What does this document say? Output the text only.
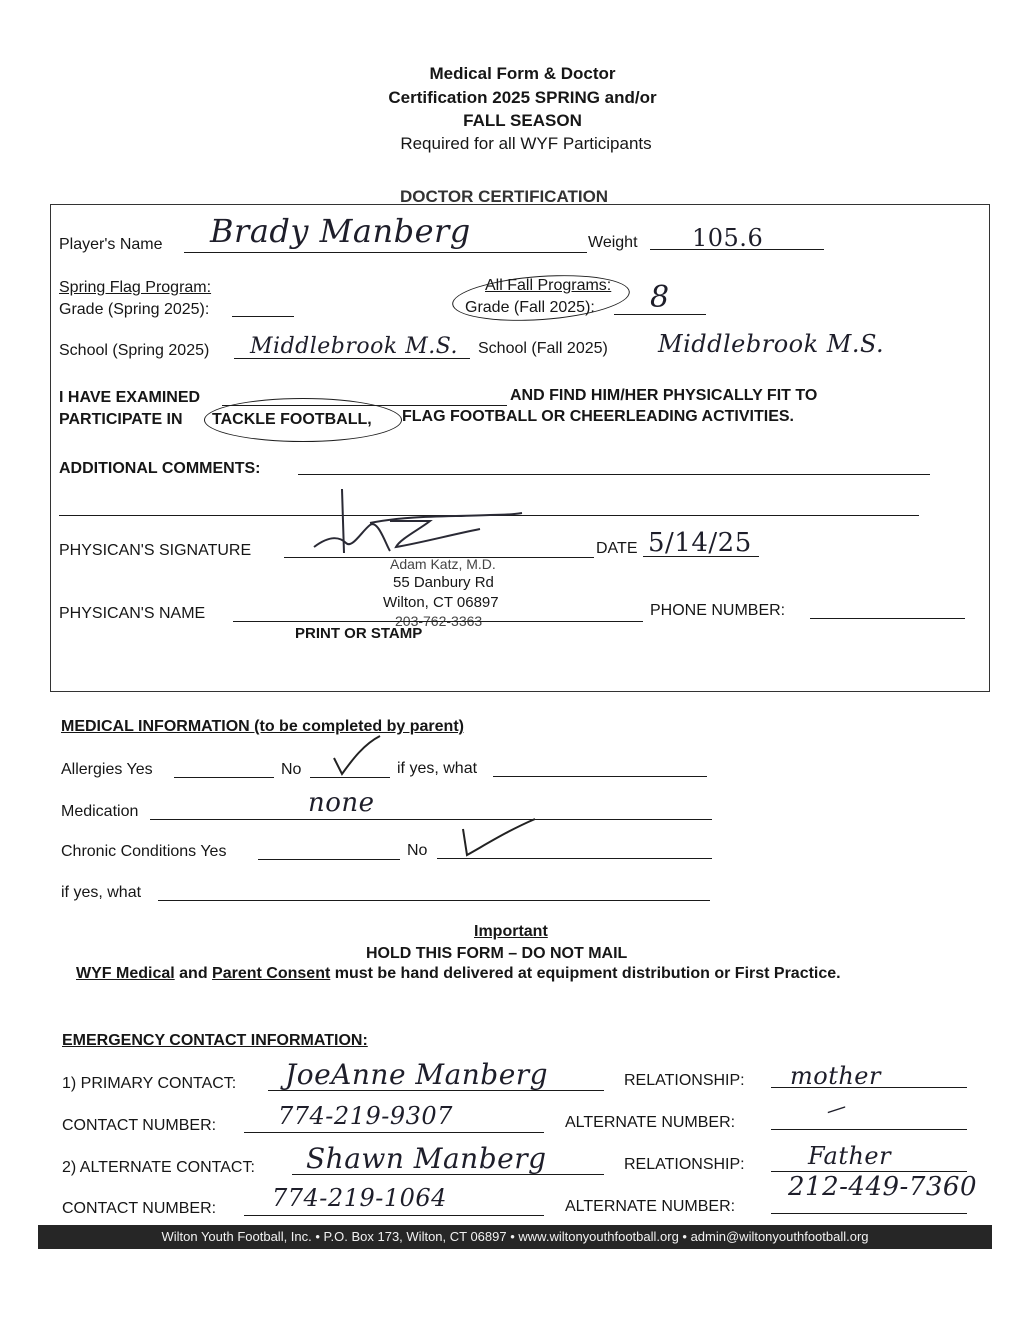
Medical Form & Doctor
Certification 2025 SPRING and/or
FALL SEASON
Required for all WYF Participants
DOCTOR CERTIFICATION
Player's Name Brady Manberg	Weight 105.6
Spring Flag Program:
Grade (Spring 2025):
All Fall Programs:
Grade (Fall 2025): 8
School (Spring 2025) Middlebrook M.S. School (Fall 2025) Middlebrook M.S.
I HAVE EXAMINED	AND FIND HIM/HER PHYSICALLY FIT TO
PARTICIPATE IN TACKLE FOOTBALL, FLAG FOOTBALL OR CHEERLEADING ACTIVITIES.
ADDITIONAL COMMENTS:
PHYSICAN'S SIGNATURE	DATE 5/14/25
Adam Katz, M.D.
55 Danbury Rd
Wilton, CT 06897
203-762-3363
PHYSICAN'S NAME
PRINT OR STAMP
PHONE NUMBER:
MEDICAL INFORMATION (to be completed by parent)
Allergies Yes	No	if yes, what
Medication	none
Chronic Conditions Yes	No
if yes, what
Important
HOLD THIS FORM – DO NOT MAIL
WYF Medical and Parent Consent must be hand delivered at equipment distribution or First Practice.
EMERGENCY CONTACT INFORMATION:
1) PRIMARY CONTACT: JoeAnne Manberg	RELATIONSHIP: mother
CONTACT NUMBER:	774-219-9307	ALTERNATE NUMBER:	—
2) ALTERNATE CONTACT: Shawn Manberg	RELATIONSHIP:	Father
CONTACT NUMBER: 774-219-1064	ALTERNATE NUMBER:
212-449-7360
Wilton Youth Football, Inc. • P.O. Box 173, Wilton, CT 06897 • www.wiltonyouthfootball.org • admin@wiltonyouthfootball.org
